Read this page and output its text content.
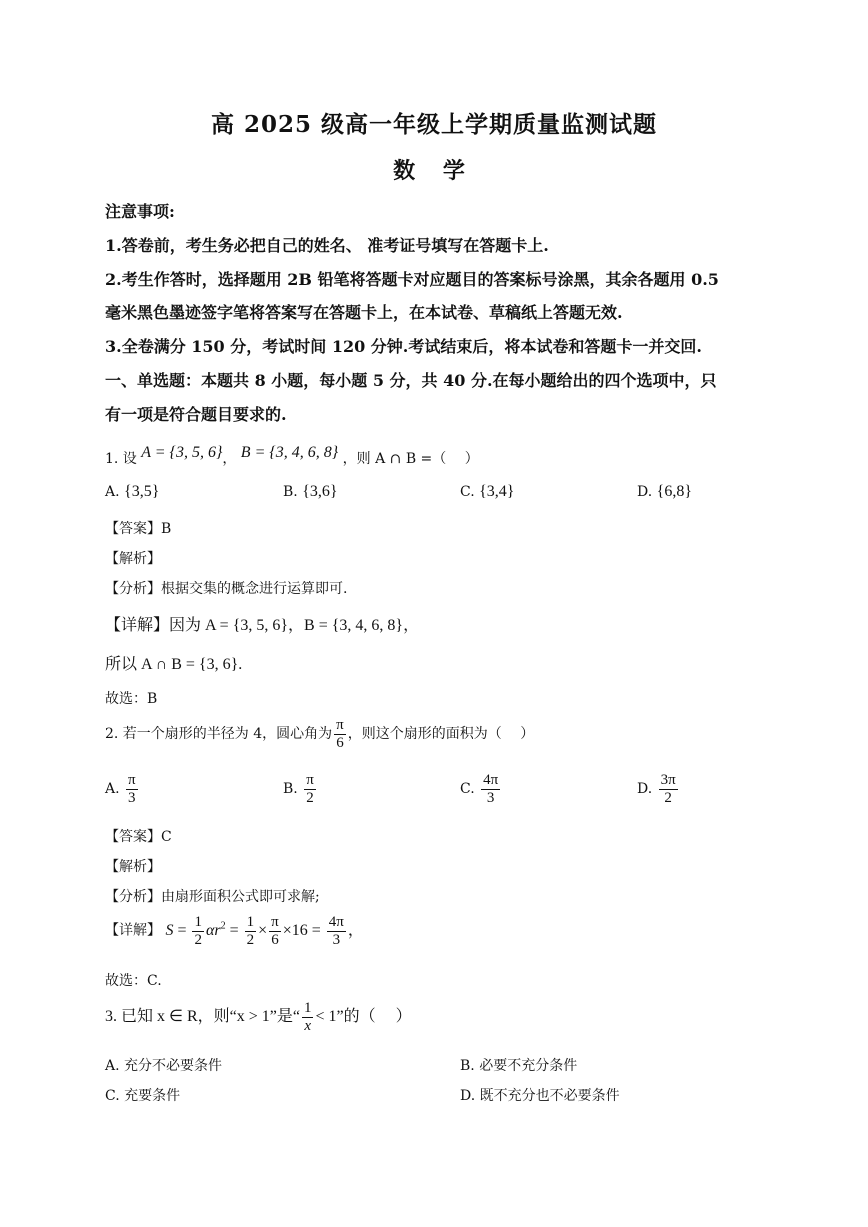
高 2025 级高一年级上学期质量监测试题
数 学
注意事项:
1.答卷前，考生务必把自己的姓名、 准考证号填写在答题卡上.
2.考生作答时，选择题用 2B 铅笔将答题卡对应题目的答案标号涂黑，其余各题用 0.5
毫米黑色墨迹签字笔将答案写在答题卡上，在本试卷、草稿纸上答题无效.
3.全卷满分 150 分，考试时间 120 分钟.考试结束后，将本试卷和答题卡一并交回.
一、单选题：本题共 8 小题，每小题 5 分，共 40 分.在每小题给出的四个选项中，只
有一项是符合题目要求的.
1. 设 A = {3, 5, 6}， B = {3, 4, 6, 8} ，则 A ∩ B =（　 ）
A. {3,5}	B. {3,6}	C. {3,4}	D. {6,8}
【答案】B
【解析】
【分析】根据交集的概念进行运算即可.
【详解】因为 A = {3, 5, 6}，B = {3, 4, 6, 8}，
所以 A ∩ B = {3, 6}.
故选：B
2. 若一个扇形的半径为 4，圆心角为 $\frac{\pi}{6}$ ，则这个扇形的面积为（　 ）
A. $\frac{\pi}{3}$	B. $\frac{\pi}{2}$	C. $\frac{4\pi}{3}$	D. $\frac{3\pi}{2}$
【答案】C
【解析】
【分析】由扇形面积公式即可求解;
【详解】 $S = \frac{1}{2} \alpha r^2 = \frac{1}{2} \times \frac{\pi}{6} \times 16 = \frac{4\pi}{3}$ ，
故选：C.
3. 已知 x ∈ R，则“x > 1”是“ $\frac{1}{x} < 1$”的（　 ）
A. 充分不必要条件	B. 必要不充分条件
C. 充要条件	D. 既不充分也不必要条件
